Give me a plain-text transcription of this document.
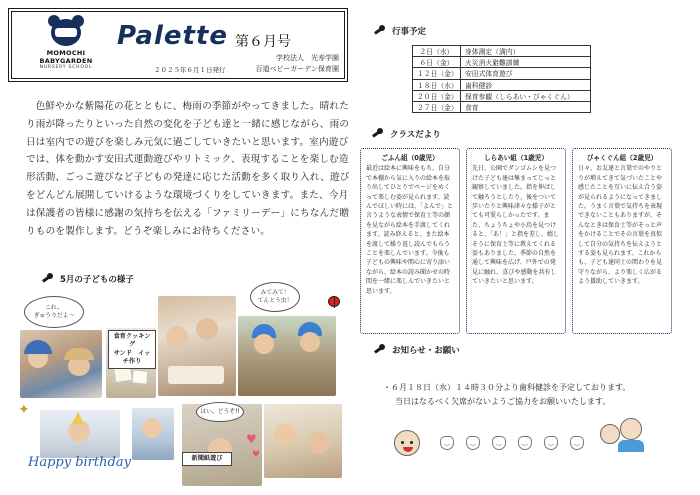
MOMOCHI BABYGARDEN
NURSERY SCHOOL
Palette 第６月号
２０２５年６月１日発行
学校法人　光寿学園
百道ベビーガーデン保育園

色鮮やかな紫陽花の花とともに、梅雨の季節がやってきました。晴れたり雨が降ったりといった自然の変化を子ども達と一緒に感じながら、雨の日は室内での遊びを楽しみ元気に過ごしていきたいと思います。室内遊びでは、体を動かす安田式運動遊びやリトミック、表現することを楽しむ造形活動、ごっこ遊びなど子どもの発達に応じた活動を多く取り入れ、遊びをどんどん展開していけるような環境づくりをしていきます。また、今月は保護者の皆様に感謝の気持ちを伝える「ファミリーデー」にちなんだ贈りものを製作します。どうぞ楽しみにお待ちください。

5月の子どもの様子
これ、
ぎゅうりだよ～
食育クッキング
サンド　イッチ作り
みてみて！
てんとう虫！
✦
Happy birthday
はい、どうぞ!!
新聞紙遊び
♥
♥
行事予定
２日（水）	身体測定（満内）
６日（金）	火災消火避難訓練
１２日（金）	安田式体育遊び
１８日（水）	歯科健診
２０日（金）	保育参観（しらあい・びゃくぐん）
２７日（金）	食育
クラスだより
ごふん組（0歳児）
最近は絵本に興味をもち、自分で本棚から気に入りの絵本を取り出してひとりでページをめくって楽しむ姿が見られます。読んでほしい時には、「よんで」と言うような表情で保育士等の顔を見ながら絵本を手渡してくれます。読み終えると、また絵本を渡して繰り返し読んでもらうことを楽しんでいます。今後も子どもの興味や関心に寄り添いながら、絵本の読み聞かせの時間を一緒に楽しんでいきたいと思います。
しらあい組（1歳児）
先日、公園でダンゴムシを見つけた子ども達は集まってじっと観察していました。指を伸ばして触ろうとしたり、後をついて歩いたりと興味津々な様子がとても可愛らしかったです。また、ちょうちょや小鳥を見つけると、「あ！」と指を差し、嬉しそうに保育士等に教えてくれる姿もありました。季節の自然を通して興味を広げ、戸外での発見に触れ、喜びや感動を共有していきたいと思います。
びゃくぐん組（2歳児）
日々、お友達と言葉でのやりとりが増えてきて気づいたことや感じたことを互いに伝え合う姿が見られるようになってきました。うまく言葉で気持ちを表現できないこともありますが、そんなときは保育士等がそっと声をかけることでその言葉を真似して自分の気持ちを伝えようとする姿も見られます。これからも、子ども達同士の関わりを見守りながら、より楽しく広がるよう援助していきます。
お知らせ・お願い
・６月１８日（水）１４時３０分より歯科健診を予定しております。
当日はなるべく欠席がないようご協力をお願いいたします。
‿
‿
‿
‿
‿
‿
